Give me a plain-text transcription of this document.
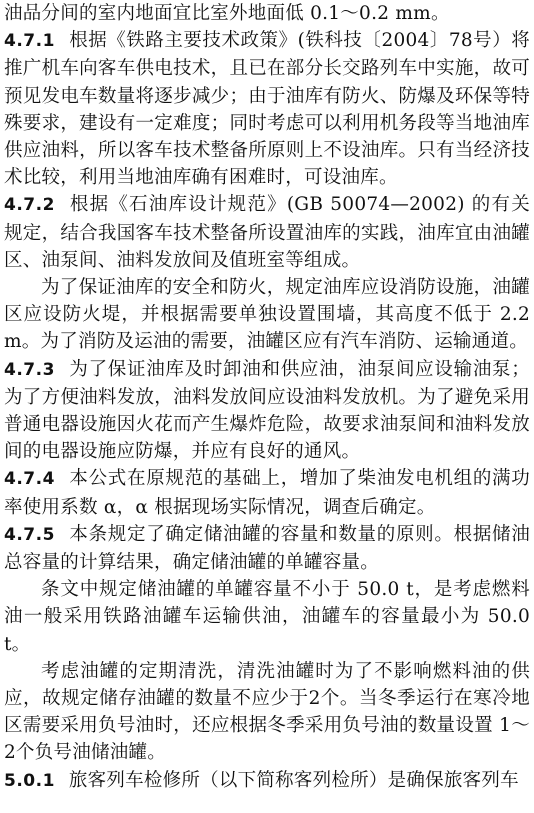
油品分间的室内地面宜比室外地面低 0.1～0.2 mm。

4.7.1 根据《铁路主要技术政策》(铁科技〔2004〕78号）将推广机车向客车供电技术，且已在部分长交路列车中实施，故可预见发电车数量将逐步减少；由于油库有防火、防爆及环保等特殊要求，建设有一定难度；同时考虑可以利用机务段等当地油库供应油料，所以客车技术整备所原则上不设油库。只有当经济技术比较，利用当地油库确有困难时，可设油库。

4.7.2 根据《石油库设计规范》(GB 50074—2002) 的有关规定，结合我国客车技术整备所设置油库的实践，油库宜由油罐区、油泵间、油料发放间及值班室等组成。

为了保证油库的安全和防火，规定油库应设消防设施，油罐区应设防火堤，并根据需要单独设置围墙，其高度不低于 2.2 m。为了消防及运油的需要，油罐区应有汽车消防、运输通道。

4.7.3 为了保证油库及时卸油和供应油，油泵间应设输油泵；为了方便油料发放，油料发放间应设油料发放机。为了避免采用普通电器设施因火花而产生爆炸危险，故要求油泵间和油料发放间的电器设施应防爆，并应有良好的通风。

4.7.4 本公式在原规范的基础上，增加了柴油发电机组的满功率使用系数 α，α 根据现场实际情况，调查后确定。

4.7.5 本条规定了确定储油罐的容量和数量的原则。根据储油总容量的计算结果，确定储油罐的单罐容量。

条文中规定储油罐的单罐容量不小于 50.0 t，是考虑燃料油一般采用铁路油罐车运输供油，油罐车的容量最小为 50.0 t。

考虑油罐的定期清洗，清洗油罐时为了不影响燃料油的供应，故规定储存油罐的数量不应少于2个。当冬季运行在寒冷地区需要采用负号油时，还应根据冬季采用负号油的数量设置 1～2个负号油储油罐。

5.0.1 旅客列车检修所（以下简称客列检所）是确保旅客列车
